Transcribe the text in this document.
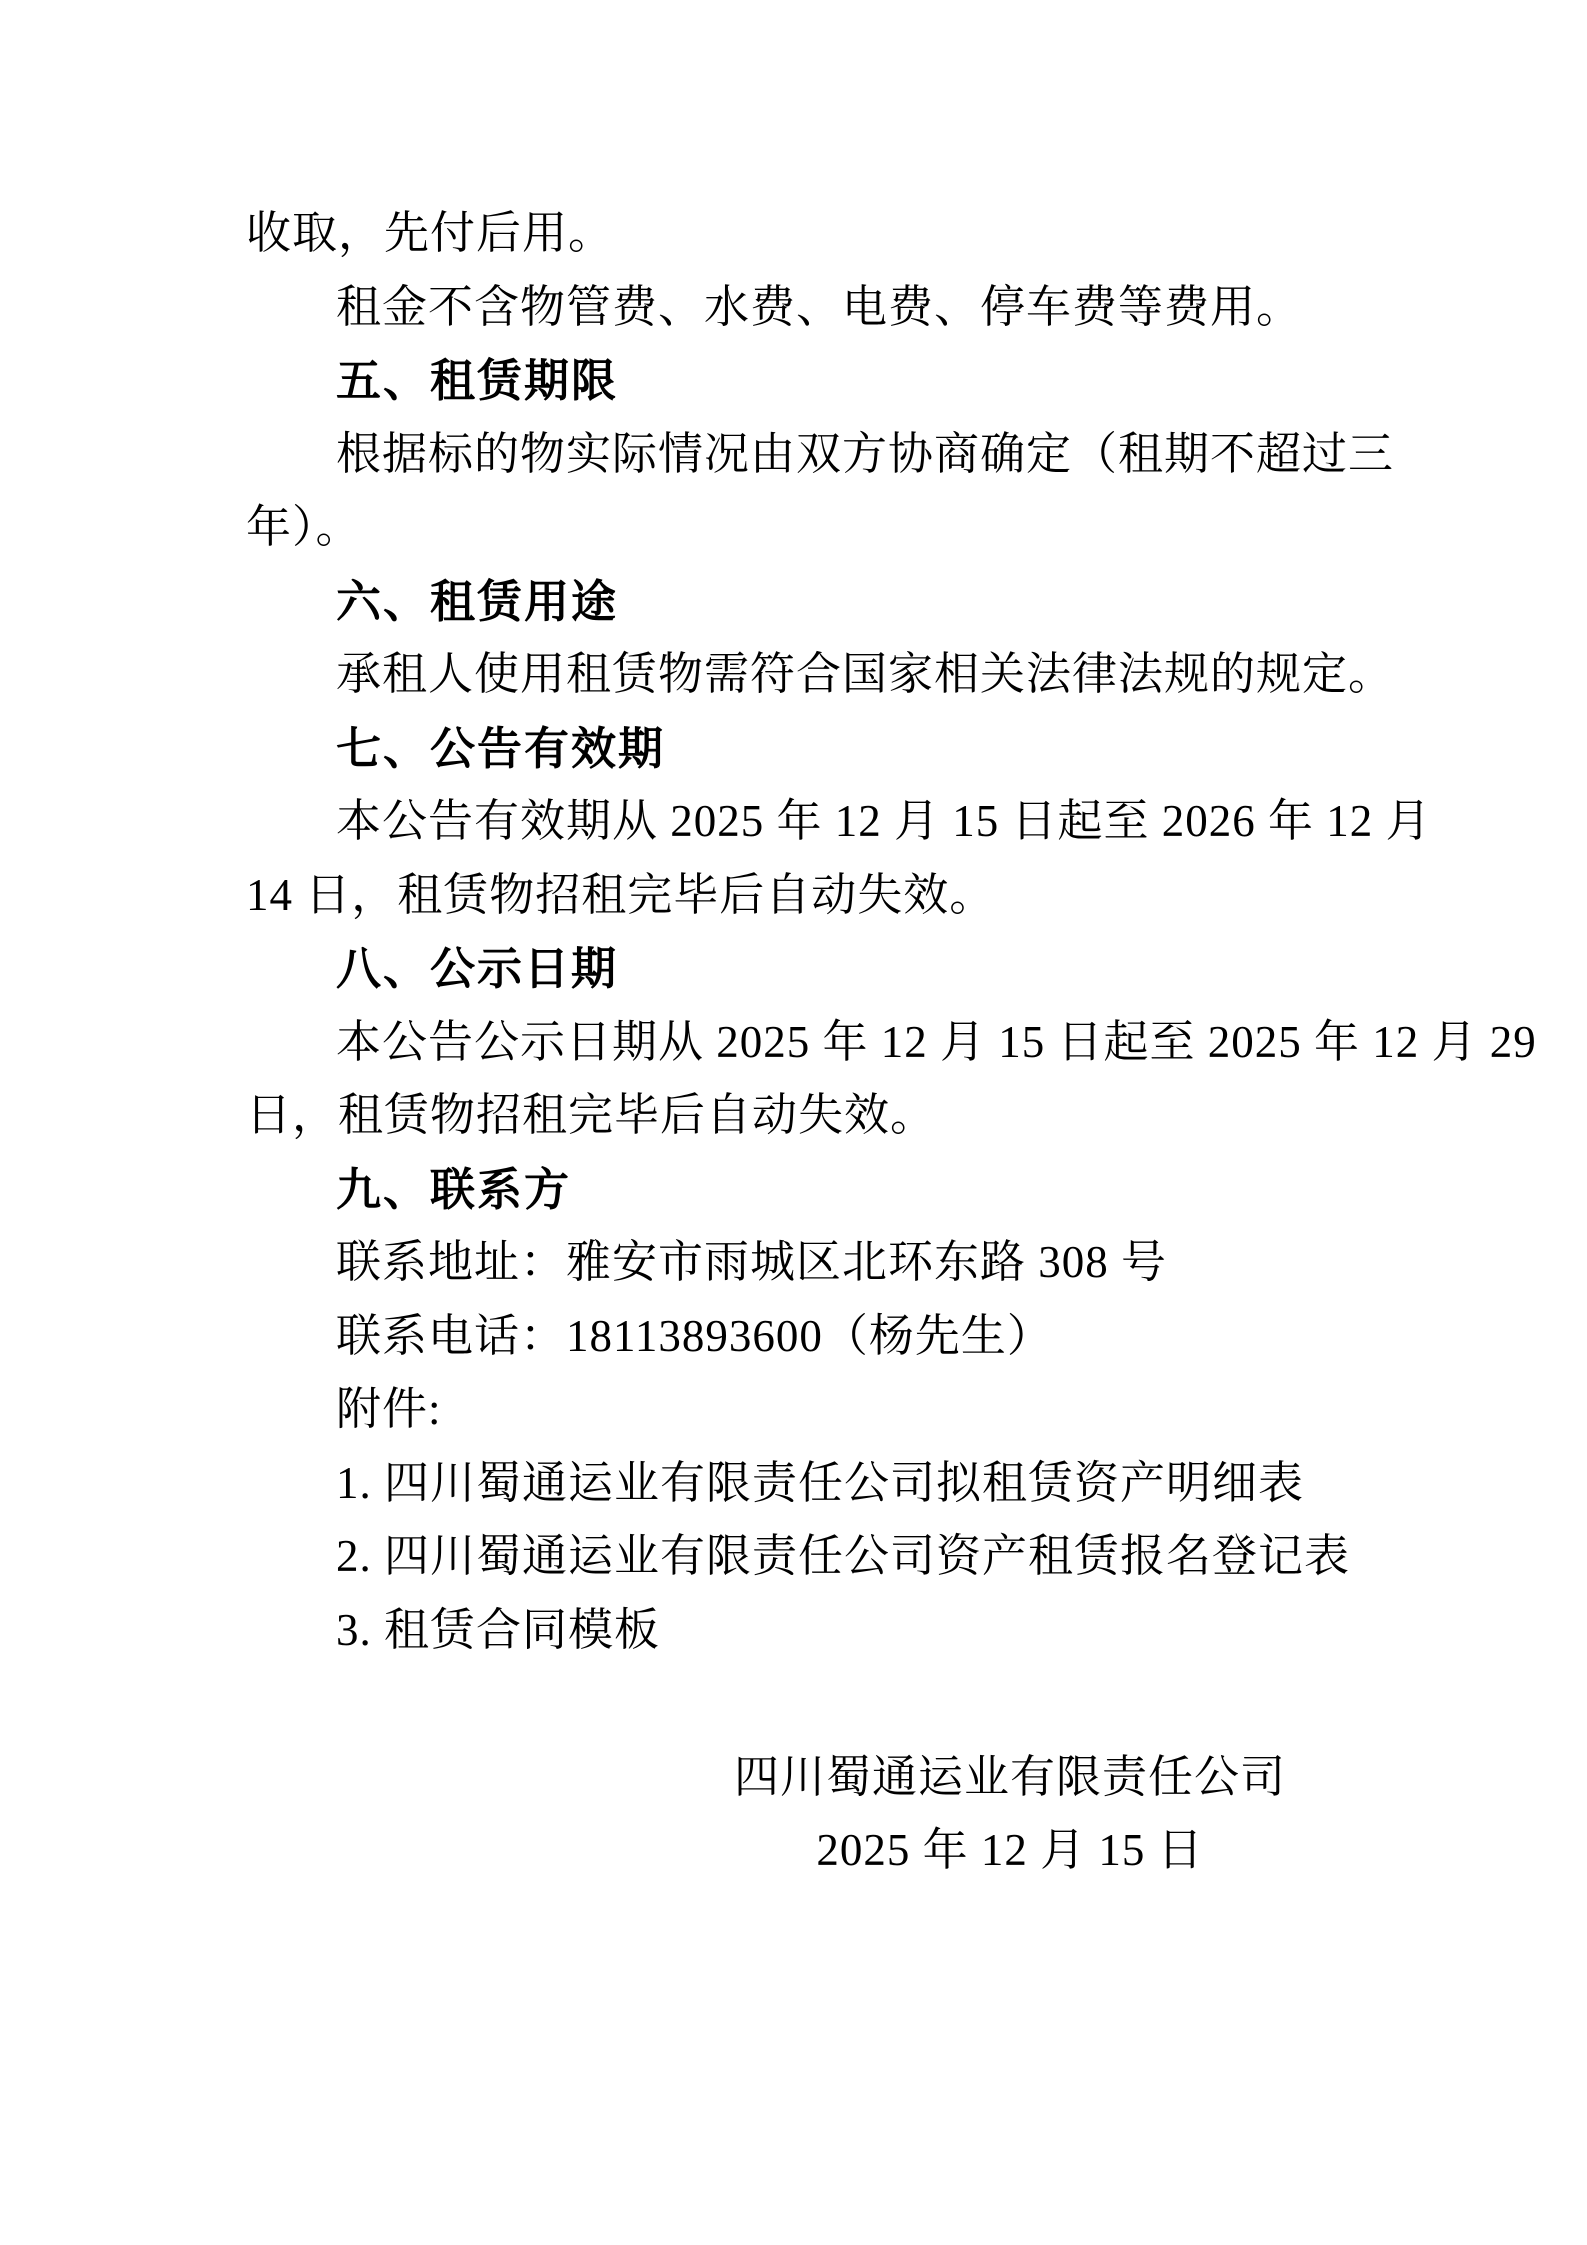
收取，先付后用。
租金不含物管费、水费、电费、停车费等费用。
五、租赁期限
根据标的物实际情况由双方协商确定（租期不超过三
年）。
六、租赁用途
承租人使用租赁物需符合国家相关法律法规的规定。
七、公告有效期
本公告有效期从 2025 年 12 月 15 日起至 2026 年 12 月
14 日，租赁物招租完毕后自动失效。
八、公示日期
本公告公示日期从 2025 年 12 月 15 日起至 2025 年 12 月 29
日，租赁物招租完毕后自动失效。
九、联系方
联系地址：雅安市雨城区北环东路 308 号
联系电话：18113893600（杨先生）
附件:
1. 四川蜀通运业有限责任公司拟租赁资产明细表
2. 四川蜀通运业有限责任公司资产租赁报名登记表
3. 租赁合同模板
四川蜀通运业有限责任公司
2025 年 12 月 15 日
